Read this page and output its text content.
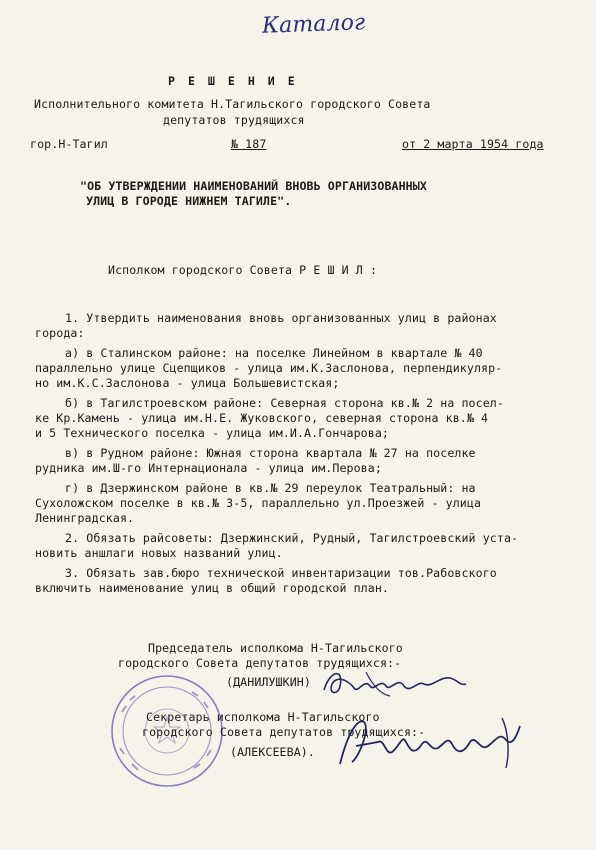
Каталог
Р Е Ш Е Н И Е
Исполнительного комитета Н.Тагильского городского Совета
депутатов трудящихся
гор.Н-Тагил	№ 187	от 2 марта 1954 года
"ОБ УТВЕРЖДЕНИИ НАИМЕНОВАНИЙ ВНОВЬ ОРГАНИЗОВАННЫХ
УЛИЦ В ГОРОДЕ НИЖНЕМ ТАГИЛЕ".
Исполком городского Совета Р Е Ш И Л :
1. Утвердить наименования вновь организованных улиц в районах
города:
а) в Сталинском районе: на поселке Линейном в квартале № 40
параллельно улице Сцепщиков - улица им.К.Заслонова, перпендикуляр-
но им.К.С.Заслонова - улица Большевистская;
б) в Тагилстроевском районе: Северная сторона кв.№ 2 на посел-
ке Кр.Камень - улица им.Н.Е. Жуковского, северная сторона кв.№ 4
и 5 Технического поселка - улица им.И.А.Гончарова;
в) в Рудном районе: Южная сторона квартала № 27 на поселке
рудника им.Ш-го Интернационала - улица им.Перова;
г) в Дзержинском районе в кв.№ 29 переулок Театральный: на
Сухоложском поселке в кв.№ 3-5, параллельно ул.Проезжей - улица
Ленинградская.
2. Обязать райсоветы: Дзержинский, Рудный, Тагилстроевский уста-
новить аншлаги новых названий улиц.
3. Обязать зав.бюро технической инвентаризации тов.Рабовского
включить наименование улиц в общий городской план.
Председатель исполкома Н-Тагильского
городского Совета депутатов трудящихся:-
(ДАНИЛУШКИН)
Секретарь исполкома Н-Тагильского
городского Совета депутатов трудящихся:-
(АЛЕКСЕЕВА).
